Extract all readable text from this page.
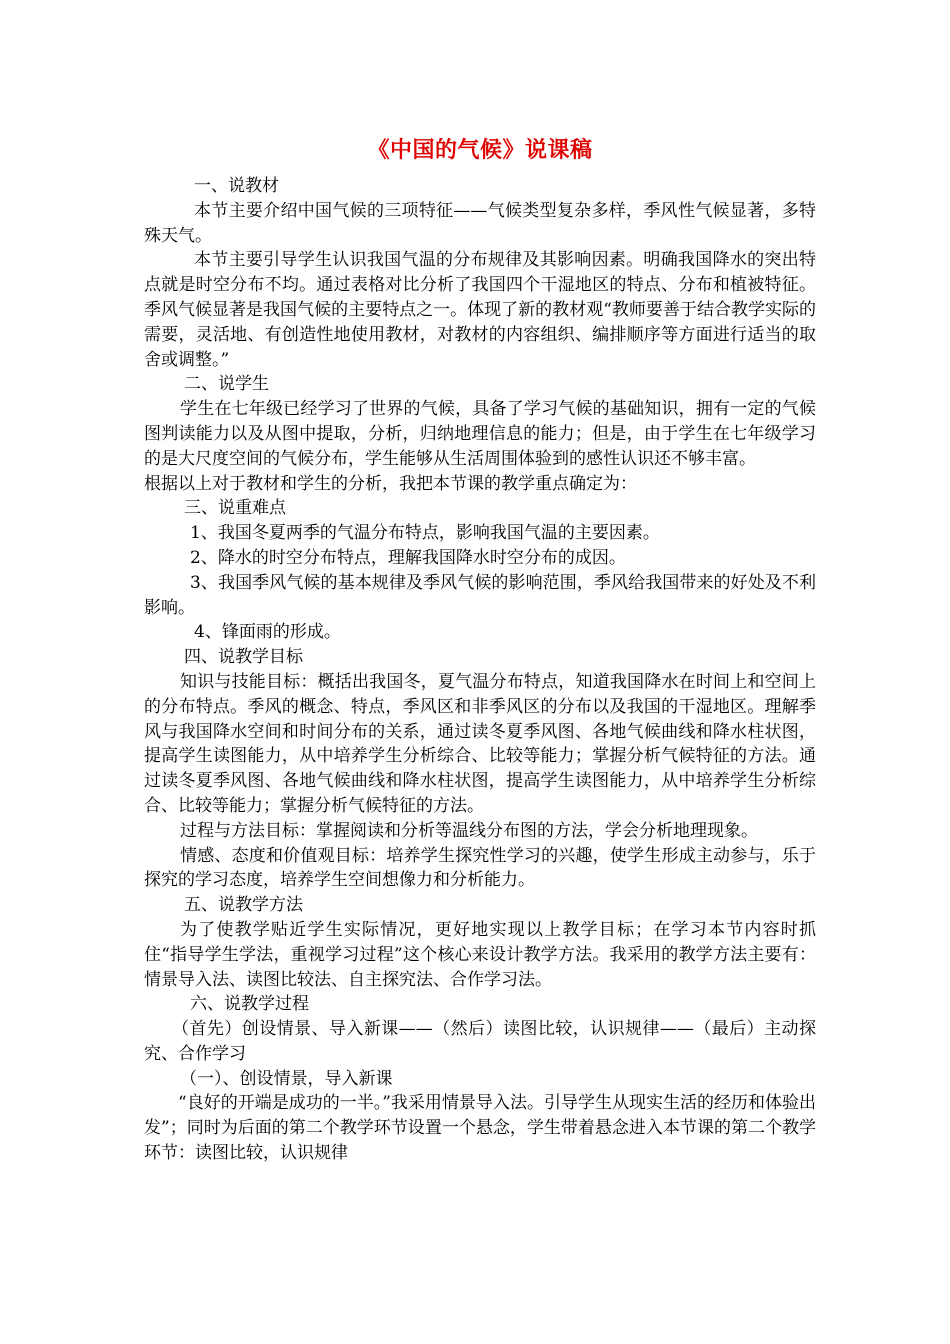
《中国的气候》说课稿

一、说教材

本节主要介绍中国气候的三项特征——气候类型复杂多样，季风性气候显著，多特殊天气。

本节主要引导学生认识我国气温的分布规律及其影响因素。明确我国降水的突出特点就是时空分布不均。通过表格对比分析了我国四个干湿地区的特点、分布和植被特征。季风气候显著是我国气候的主要特点之一。体现了新的教材观“教师要善于结合教学实际的需要，灵活地、有创造性地使用教材，对教材的内容组织、编排顺序等方面进行适当的取舍或调整。”

二、说学生

学生在七年级已经学习了世界的气候，具备了学习气候的基础知识，拥有一定的气候图判读能力以及从图中提取，分析，归纳地理信息的能力；但是，由于学生在七年级学习的是大尺度空间的气候分布，学生能够从生活周围体验到的感性认识还不够丰富。

根据以上对于教材和学生的分析，我把本节课的教学重点确定为：

三、说重难点

1、我国冬夏两季的气温分布特点，影响我国气温的主要因素。

2、降水的时空分布特点，理解我国降水时空分布的成因。

3、我国季风气候的基本规律及季风气候的影响范围，季风给我国带来的好处及不利影响。

4、锋面雨的形成。

四、说教学目标

知识与技能目标：概括出我国冬，夏气温分布特点，知道我国降水在时间上和空间上的分布特点。季风的概念、特点，季风区和非季风区的分布以及我国的干湿地区。理解季风与我国降水空间和时间分布的关系，通过读冬夏季风图、各地气候曲线和降水柱状图，提高学生读图能力，从中培养学生分析综合、比较等能力；掌握分析气候特征的方法。通过读冬夏季风图、各地气候曲线和降水柱状图，提高学生读图能力，从中培养学生分析综合、比较等能力；掌握分析气候特征的方法。

过程与方法目标：掌握阅读和分析等温线分布图的方法，学会分析地理现象。

情感、态度和价值观目标：培养学生探究性学习的兴趣，使学生形成主动参与，乐于探究的学习态度，培养学生空间想像力和分析能力。

五、说教学方法

为了使教学贴近学生实际情况，更好地实现以上教学目标；在学习本节内容时抓住“指导学生学法，重视学习过程”这个核心来设计教学方法。我采用的教学方法主要有：情景导入法、读图比较法、自主探究法、合作学习法。

六、说教学过程

（首先）创设情景、导入新课——（然后）读图比较，认识规律——（最后）主动探究、合作学习

（一）、创设情景，导入新课

“良好的开端是成功的一半。”我采用情景导入法。引导学生从现实生活的经历和体验出发”；同时为后面的第二个教学环节设置一个悬念，学生带着悬念进入本节课的第二个教学环节：读图比较，认识规律
